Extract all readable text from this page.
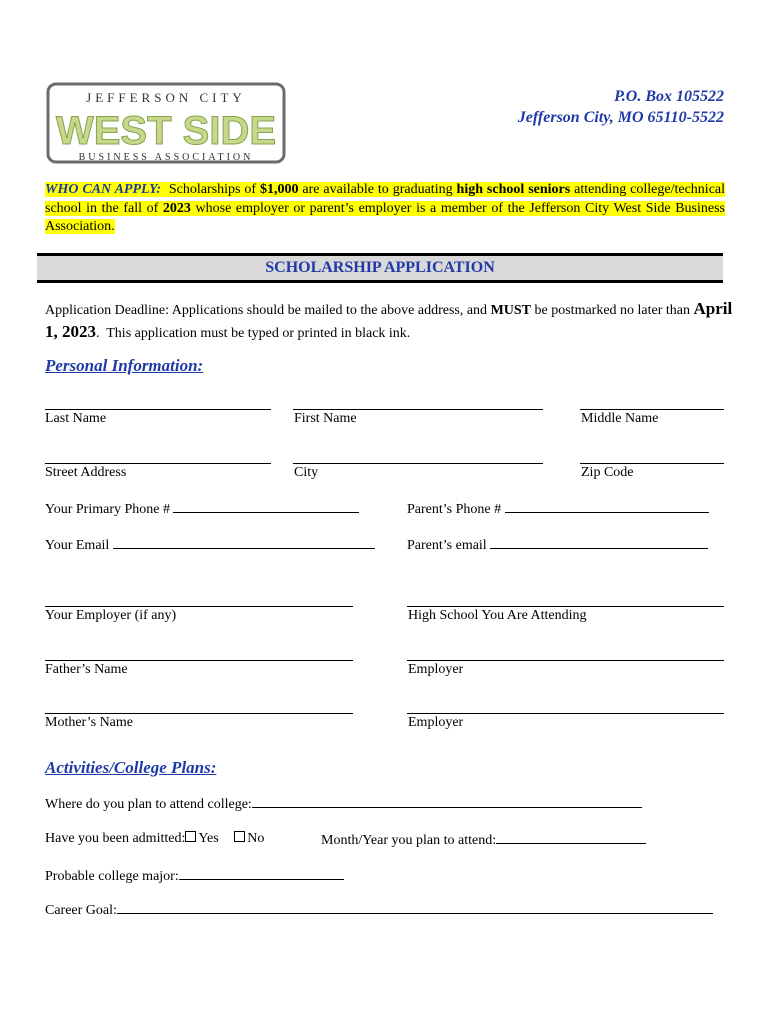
JEFFERSON CITY
WEST SIDE
BUSINESS ASSOCIATION
P.O. Box 105522
Jefferson City, MO 65110-5522
WHO CAN APPLY:  Scholarships of $1,000 are available to graduating high school seniors attending college/technical school in the fall of 2023 whose employer or parent’s employer is a member of the Jefferson City West Side Business Association.
SCHOLARSHIP APPLICATION
Application Deadline: Applications should be mailed to the above address, and MUST be postmarked no later than April 1, 2023.  This application must be typed or printed in black ink.
Personal Information:
Last Name	First Name	Middle Name
Street Address	City	Zip Code
Your Primary Phone #	Parent’s Phone #
Your Email	Parent’s email
Your Employer (if any)	High School You Are Attending
Father’s Name	Employer
Mother’s Name	Employer
Activities/College Plans:
Where do you plan to attend college:
Have you been admitted: Yes No	Month/Year you plan to attend:
Probable college major:
Career Goal:
